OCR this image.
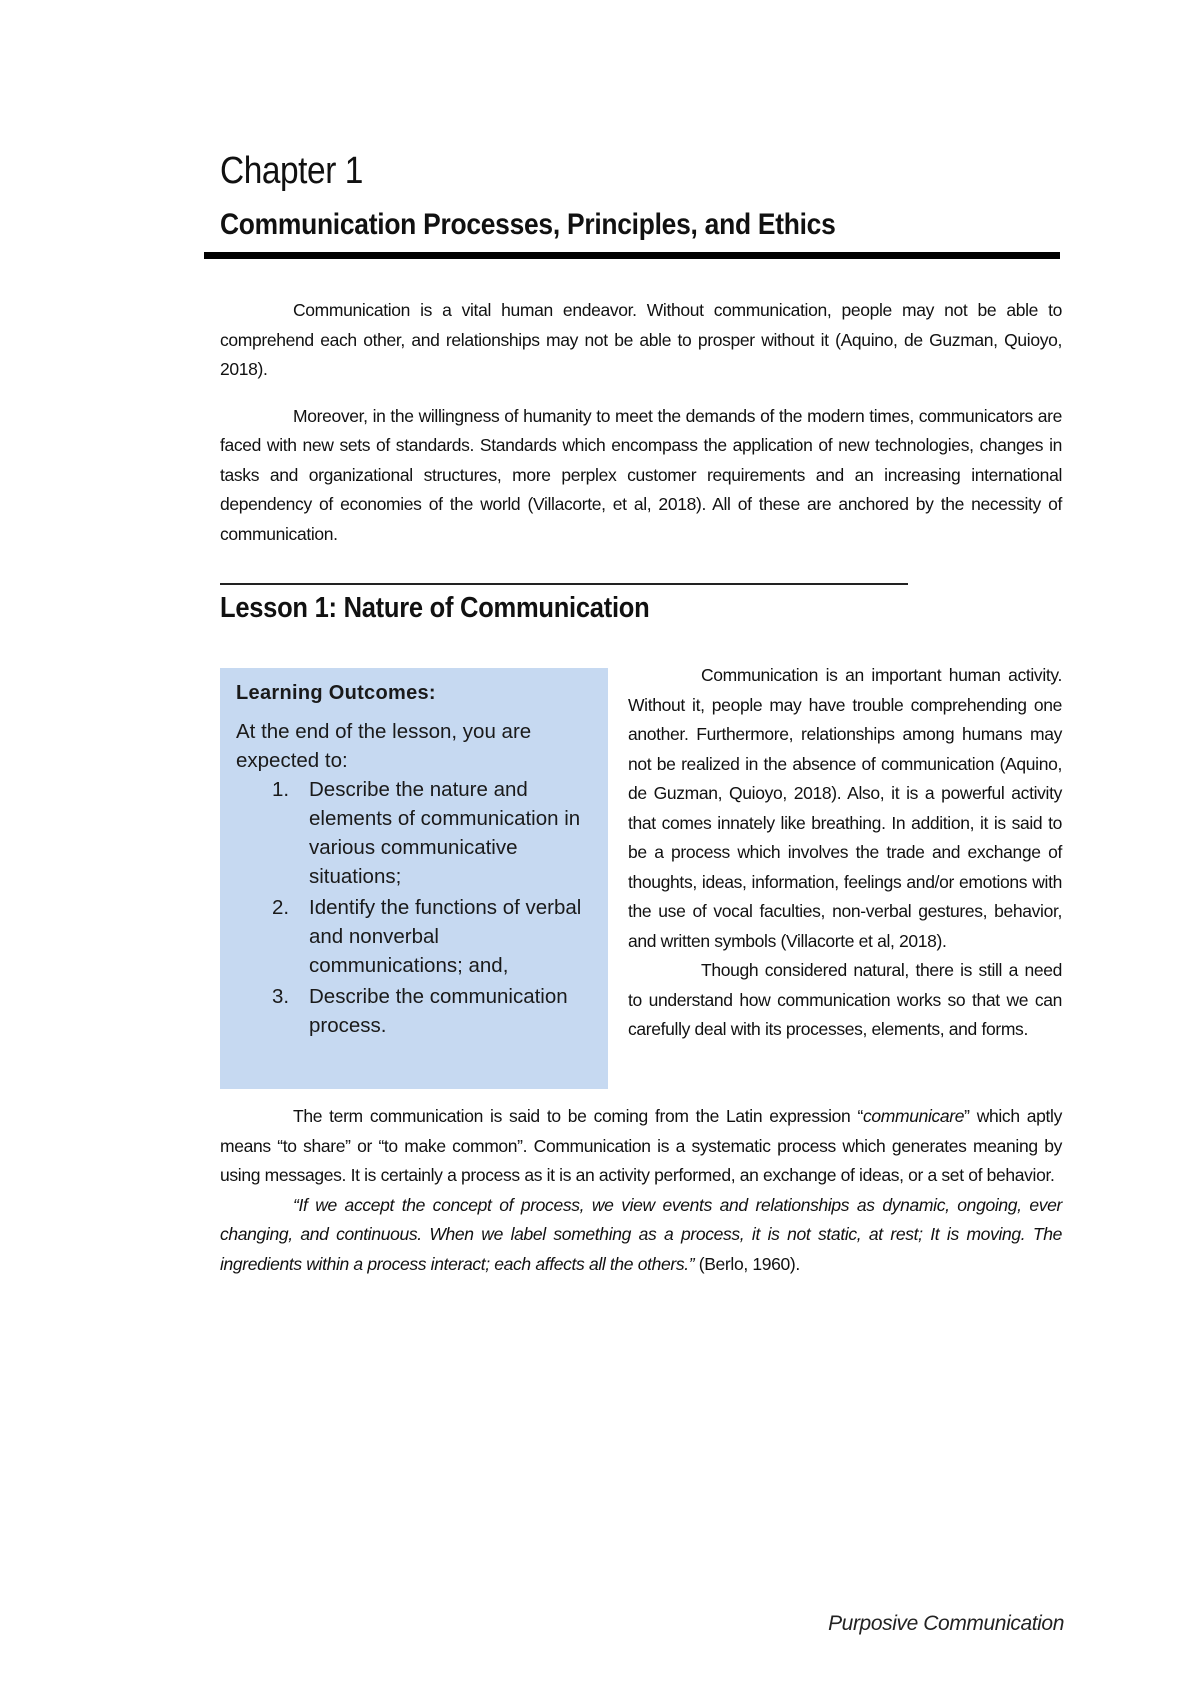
Chapter 1
Communication Processes, Principles, and Ethics

Communication is a vital human endeavor. Without communication, people may not be able to comprehend each other, and relationships may not be able to prosper without it (Aquino, de Guzman, Quioyo, 2018).

Moreover, in the willingness of humanity to meet the demands of the modern times, communicators are faced with new sets of standards. Standards which encompass the application of new technologies, changes in tasks and organizational structures, more perplex customer requirements and an increasing international dependency of economies of the world (Villacorte, et al, 2018). All of these are anchored by the necessity of communication.

Lesson 1: Nature of Communication

Learning Outcomes:

At the end of the lesson, you are expected to:

1. Describe the nature and elements of communication in various communicative situations;
2. Identify the functions of verbal and nonverbal communications; and,
3. Describe the communication process.

Communication is an important human activity. Without it, people may have trouble comprehending one another. Furthermore, relationships among humans may not be realized in the absence of communication (Aquino, de Guzman, Quioyo, 2018). Also, it is a powerful activity that comes innately like breathing. In addition, it is said to be a process which involves the trade and exchange of thoughts, ideas, information, feelings and/or emotions with the use of vocal faculties, non-verbal gestures, behavior, and written symbols (Villacorte et al, 2018).

Though considered natural, there is still a need to understand how communication works so that we can carefully deal with its processes, elements, and forms.

The term communication is said to be coming from the Latin expression “communicare” which aptly means “to share” or “to make common”. Communication is a systematic process which generates meaning by using messages. It is certainly a process as it is an activity performed, an exchange of ideas, or a set of behavior.

“If we accept the concept of process, we view events and relationships as dynamic, ongoing, ever changing, and continuous. When we label something as a process, it is not static, at rest; It is moving. The ingredients within a process interact; each affects all the others.” (Berlo, 1960).

Purposive Communication
